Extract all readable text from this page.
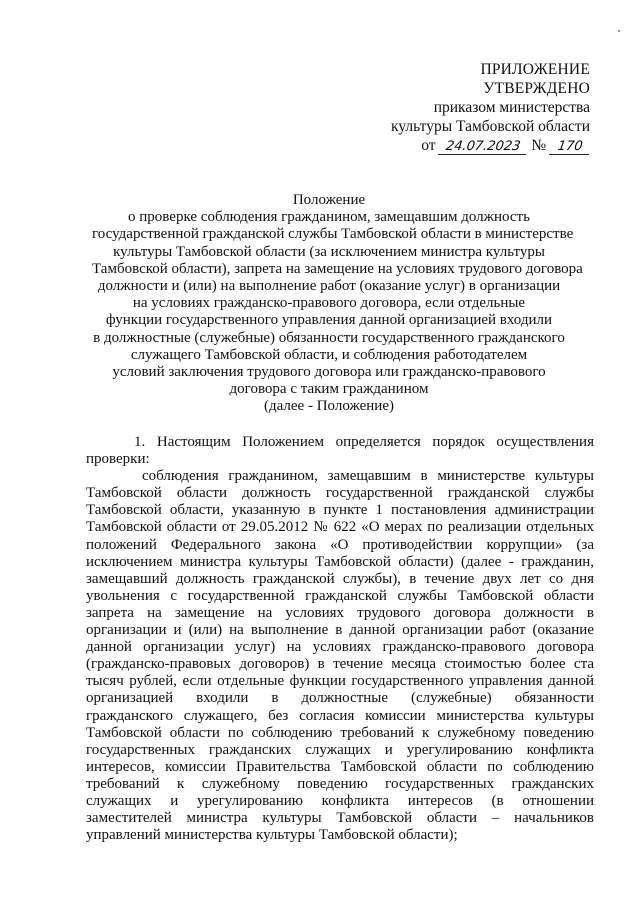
ПРИЛОЖЕНИЕ
УТВЕРЖДЕНО
приказом министерства
культуры Тамбовской области
от 24.07.2023 № 170
Положение
о проверке соблюдения гражданином, замещавшим должность
государственной гражданской службы Тамбовской области в министерстве
культуры Тамбовской области (за исключением министра культуры
Тамбовской области), запрета на замещение на условиях трудового договора
должности и (или) на выполнение работ (оказание услуг) в организации
на условиях гражданско-правового договора, если отдельные
функции государственного управления данной организацией входили
в должностные (служебные) обязанности государственного гражданского
служащего Тамбовской области, и соблюдения работодателем
условий заключения трудового договора или гражданско-правового
договора с таким гражданином
(далее - Положение)

1. Настоящим Положением определяется порядок осуществления
проверки:

соблюдения гражданином, замещавшим в министерстве культуры
Тамбовской области должность государственной гражданской службы
Тамбовской области, указанную в пункте 1 постановления администрации
Тамбовской области от 29.05.2012 № 622 «О мерах по реализации отдельных
положений Федерального закона «О противодействии коррупции» (за
исключением министра культуры Тамбовской области) (далее - гражданин,
замещавший должность гражданской службы), в течение двух лет со дня
увольнения с государственной гражданской службы Тамбовской области
запрета на замещение на условиях трудового договора должности в
организации и (или) на выполнение в данной организации работ (оказание
данной организации услуг) на условиях гражданско-правового договора
(гражданско-правовых договоров) в течение месяца стоимостью более ста
тысяч рублей, если отдельные функции государственного управления данной
организацией входили в должностные (служебные) обязанности
гражданского служащего, без согласия комиссии министерства культуры
Тамбовской области по соблюдению требований к служебному поведению
государственных гражданских служащих и урегулированию конфликта
интересов, комиссии Правительства Тамбовской области по соблюдению
требований к служебному поведению государственных гражданских
служащих и урегулированию конфликта интересов (в отношении
заместителей министра культуры Тамбовской области – начальников
управлений министерства культуры Тамбовской области);
